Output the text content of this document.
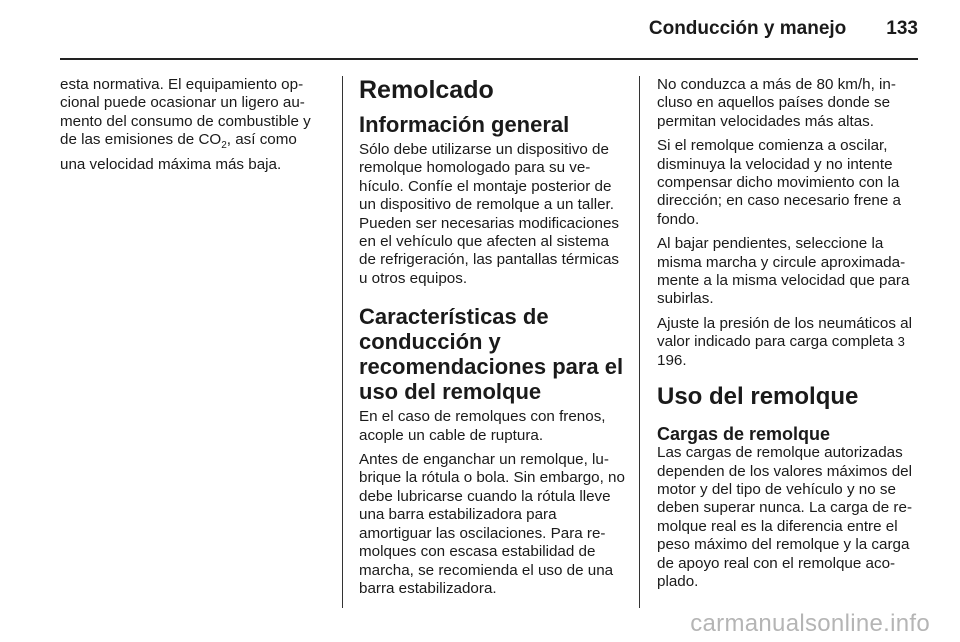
Conducción y manejo 133

esta normativa. El equipamiento opcional puede ocasionar un ligero aumento del consumo de combustible y de las emisiones de $CO_2$, así como una velocidad máxima más baja.

Remolcado
Información general

Sólo debe utilizarse un dispositivo de remolque homologado para su vehículo. Confíe el montaje posterior de un dispositivo de remolque a un taller. Pueden ser necesarias modificaciones en el vehículo que afecten al sistema de refrigeración, las pantallas térmicas u otros equipos.

Características de conducción y recomendaciones para el uso del remolque

En el caso de remolques con frenos, acople un cable de ruptura.

Antes de enganchar un remolque, lubrique la rótula o bola. Sin embargo, no debe lubricarse cuando la rótula lleve una barra estabilizadora para amortiguar las oscilaciones. Para remolques con escasa estabilidad de marcha, se recomienda el uso de una barra estabilizadora.

No conduzca a más de 80 km/h, incluso en aquellos países donde se permitan velocidades más altas.

Si el remolque comienza a oscilar, disminuya la velocidad y no intente compensar dicho movimiento con la dirección; en caso necesario frene a fondo.

Al bajar pendientes, seleccione la misma marcha y circule aproximadamente a la misma velocidad que para subirlas.

Ajuste la presión de los neumáticos al valor indicado para carga completa 3 196.

Uso del remolque
Cargas de remolque

Las cargas de remolque autorizadas dependen de los valores máximos del motor y del tipo de vehículo y no se deben superar nunca. La carga de remolque real es la diferencia entre el peso máximo del remolque y la carga de apoyo real con el remolque acoplado.

carmanualsonline.info
